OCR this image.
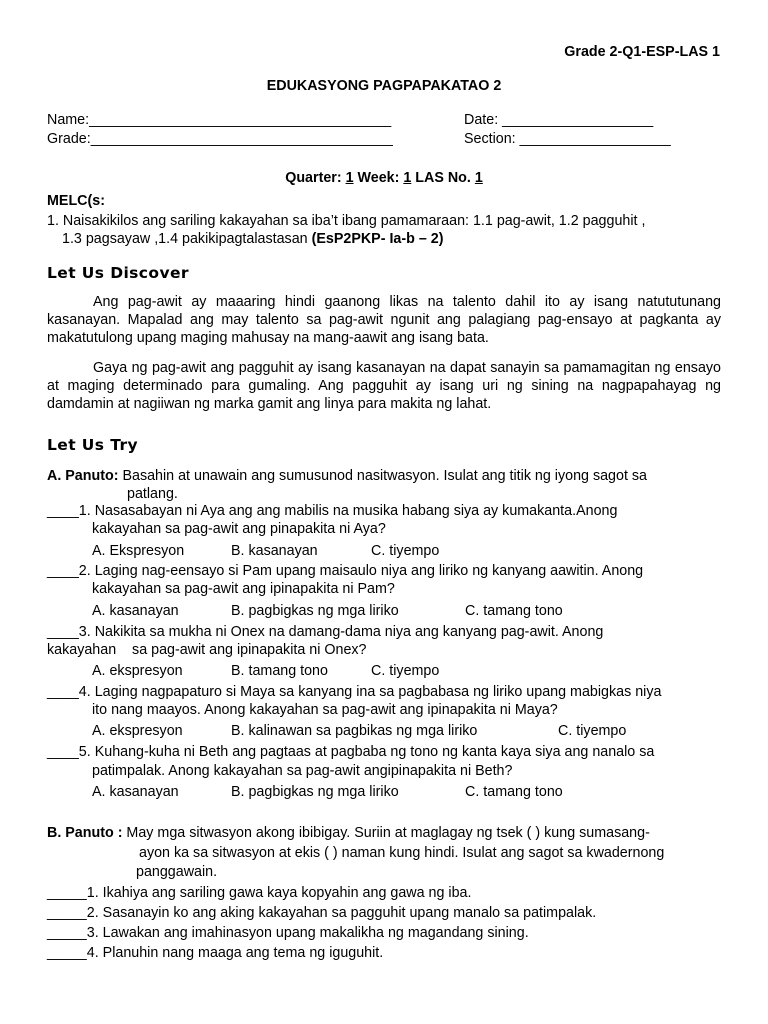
Grade 2-Q1-ESP-LAS 1
EDUKASYONG PAGPAPAKATAO 2
Name:______________________________________	Date: ___________________
Grade:______________________________________	Section: ___________________
Quarter: 1 Week: 1 LAS No. 1
MELC(s:
1. Naisakikilos ang sariling kakayahan sa iba’t ibang pamamaraan: 1.1 pag-awit, 1.2 pagguhit ,
1.3 pagsayaw ,1.4 pakikipagtalastasan (EsP2PKP- Ia-b – 2)
Let Us Discover
Ang pag-awit ay maaaring hindi gaanong likas na talento dahil ito ay isang natututunang kasanayan. Mapalad ang may talento sa pag-awit ngunit ang palagiang pag-ensayo at pagkanta ay makatutulong upang maging mahusay na mang-aawit ang isang bata.
Gaya ng pag-awit ang pagguhit ay isang kasanayan na dapat sanayin sa pamamagitan ng ensayo at maging determinado para gumaling. Ang pagguhit ay isang uri ng sining na nagpapahayag ng damdamin at nagiiwan ng marka gamit ang linya para makita ng lahat.
Let Us Try
A. Panuto: Basahin at unawain ang sumusunod nasitwasyon. Isulat ang titik ng iyong sagot sa
patlang.
____1. Nasasabayan ni Aya ang ang mabilis na musika habang siya ay kumakanta.Anong
kakayahan sa pag-awit ang pinapakita ni Aya?
A. Ekspresyon	B. kasanayan	C. tiyempo
____2. Laging nag-eensayo si Pam upang maisaulo niya ang liriko ng kanyang aawitin. Anong
kakayahan sa pag-awit ang ipinapakita ni Pam?
A. kasanayan	B. pagbigkas ng mga liriko	C. tamang tono
____3. Nakikita sa mukha ni Onex na damang-dama niya ang kanyang pag-awit. Anong
kakayahan    sa pag-awit ang ipinapakita ni Onex?
A. ekspresyon	B. tamang tono	C. tiyempo
____4. Laging nagpapaturo si Maya sa kanyang ina sa pagbabasa ng liriko upang mabigkas niya
ito nang maayos. Anong kakayahan sa pag-awit ang ipinapakita ni Maya?
A. ekspresyon	B. kalinawan sa pagbikas ng mga liriko	C. tiyempo
____5. Kuhang-kuha ni Beth ang pagtaas at pagbaba ng tono ng kanta kaya siya ang nanalo sa
patimpalak. Anong kakayahan sa pag-awit angipinapakita ni Beth?
A. kasanayan	B. pagbigkas ng mga liriko	C. tamang tono
B. Panuto : May mga sitwasyon akong ibibigay. Suriin at maglagay ng tsek ( ) kung sumasang-
ayon ka sa sitwasyon at ekis ( ) naman kung hindi. Isulat ang sagot sa kwadernong
panggawain.
_____1. Ikahiya ang sariling gawa kaya kopyahin ang gawa ng iba.
_____2. Sasanayin ko ang aking kakayahan sa pagguhit upang manalo sa patimpalak.
_____3. Lawakan ang imahinasyon upang makalikha ng magandang sining.
_____4. Planuhin nang maaga ang tema ng iguguhit.
